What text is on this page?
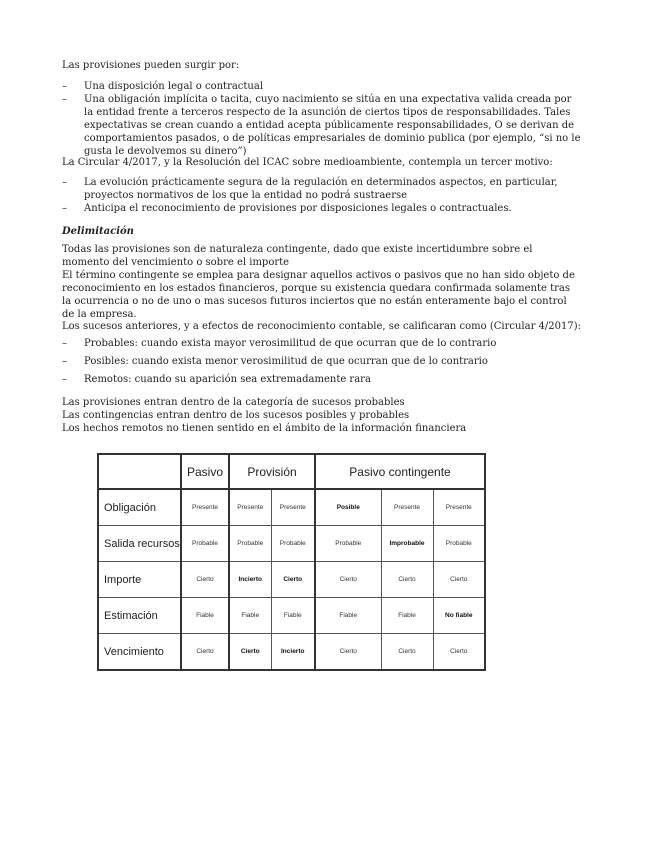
Las provisiones pueden surgir por:

– Una disposición legal o contractual
– Una obligación implícita o tacita, cuyo nacimiento se sitúa en una expectativa valida creada por la entidad frente a terceros respecto de la asunción de ciertos tipos de responsabilidades. Tales expectativas se crean cuando a entidad acepta públicamente responsabilidades, O se derivan de comportamientos pasados, o de políticas empresariales de dominio publica (por ejemplo, “si no le gusta le devolvemos su dinero”)

La Circular 4/2017, y la Resolución del ICAC sobre medioambiente, contempla un tercer motivo:

– La evolución prácticamente segura de la regulación en determinados aspectos, en particular, proyectos normativos de los que la entidad no podrá sustraerse
– Anticipa el reconocimiento de provisiones por disposiciones legales o contractuales.

Delimitación

Todas las provisiones son de naturaleza contingente, dado que existe incertidumbre sobre el momento del vencimiento o sobre el importe

El término contingente se emplea para designar aquellos activos o pasivos que no han sido objeto de reconocimiento en los estados financieros, porque su existencia quedara confirmada solamente tras la ocurrencia o no de uno o mas sucesos futuros inciertos que no están enteramente bajo el control de la empresa.

Los sucesos anteriores, y a efectos de reconocimiento contable, se calificaran como (Circular 4/2017):

– Probables: cuando exista mayor verosimilitud de que ocurran que de lo contrario
– Posibles: cuando exista menor verosimilitud de que ocurran que de lo contrario
– Remotos: cuando su aparición sea extremadamente rara

Las provisiones entran dentro de la categoría de sucesos probables

Las contingencias entran dentro de los sucesos posibles y probables

Los hechos remotos no tienen sentido en el ámbito de la información financiera

	Pasivo	Provisión		Pasivo contingente		
Obligación	Presente	Presente	Presente	Posible	Presente	Presente
Salida recursos	Probable	Probable	Probable	Probable	Improbable	Probable
Importe	Cierto	Incierto	Cierto	Cierto	Cierto	Cierto
Estimación	Fiable	Fiable	Fiable	Fiable	Fiable	No fiable
Vencimiento	Cierto	Cierto	Incierto	Cierto	Cierto	Cierto
